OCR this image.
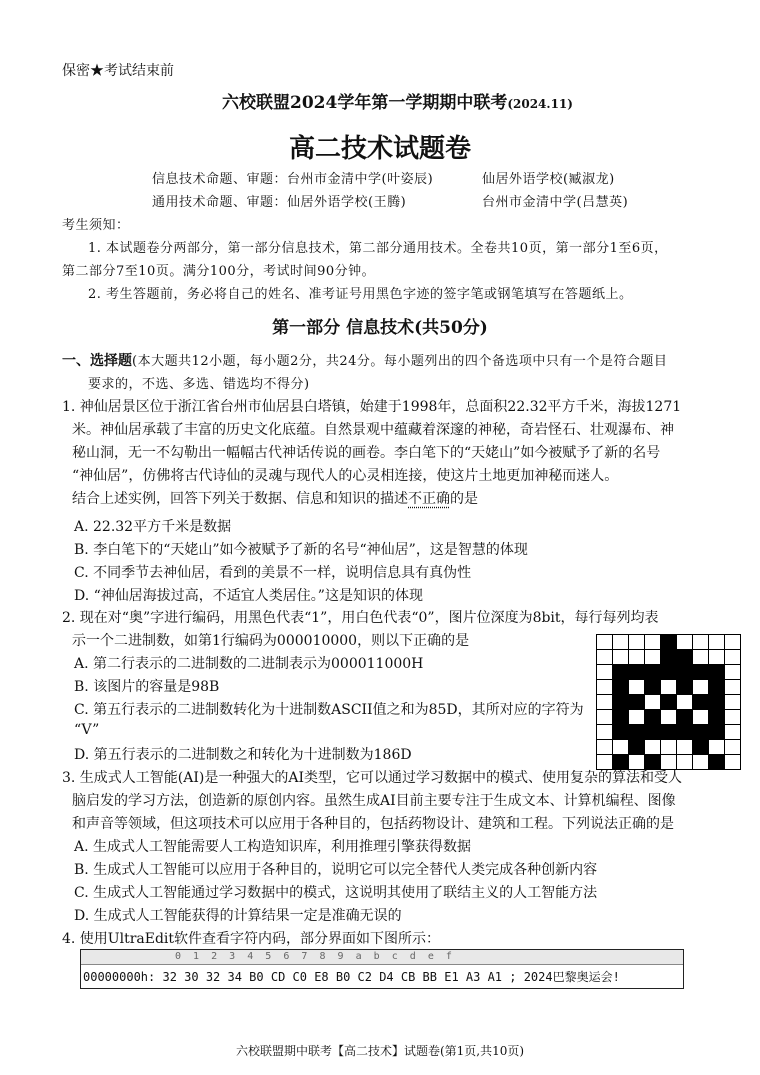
保密★考试结束前
六校联盟2024学年第一学期期中联考(2024.11)
高二技术试题卷
信息技术命题、审题：台州市金清中学(叶姿辰)	仙居外语学校(臧淑龙)
通用技术命题、审题：仙居外语学校(王腾)	台州市金清中学(吕慧英)
考生须知：
1. 本试题卷分两部分，第一部分信息技术，第二部分通用技术。全卷共10页，第一部分1至6页，
第二部分7至10页。满分100分，考试时间90分钟。
2. 考生答题前，务必将自己的姓名、准考证号用黑色字迹的签字笔或钢笔填写在答题纸上。
第一部分 信息技术(共50分)
一、选择题(本大题共12小题，每小题2分，共24分。每小题列出的四个备选项中只有一个是符合题目
要求的，不选、多选、错选均不得分)
1. 神仙居景区位于浙江省台州市仙居县白塔镇，始建于1998年，总面积22.32平方千米，海拔1271
米。神仙居承载了丰富的历史文化底蕴。自然景观中蕴藏着深邃的神秘，奇岩怪石、壮观瀑布、神
秘山洞，无一不勾勒出一幅幅古代神话传说的画卷。李白笔下的“天姥山”如今被赋予了新的名号
“神仙居”，仿佛将古代诗仙的灵魂与现代人的心灵相连接，使这片土地更加神秘而迷人。
结合上述实例，回答下列关于数据、信息和知识的描述不正确的是
A. 22.32平方千米是数据
B. 李白笔下的“天姥山”如今被赋予了新的名号“神仙居”，这是智慧的体现
C. 不同季节去神仙居，看到的美景不一样，说明信息具有真伪性
D. “神仙居海拔过高，不适宜人类居住。”这是知识的体现
2. 现在对“奥”字进行编码，用黑色代表“1”，用白色代表“0”，图片位深度为8bit，每行每列均表
示一个二进制数，如第1行编码为000010000，则以下正确的是
A. 第二行表示的二进制数的二进制表示为000011000H
B. 该图片的容量是98B
C. 第五行表示的二进制数转化为十进制数ASCII值之和为85D，其所对应的字符为
“V”
D. 第五行表示的二进制数之和转化为十进制数为186D
3. 生成式人工智能(AI)是一种强大的AI类型，它可以通过学习数据中的模式、使用复杂的算法和受人
脑启发的学习方法，创造新的原创内容。虽然生成AI目前主要专注于生成文本、计算机编程、图像
和声音等领域，但这项技术可以应用于各种目的，包括药物设计、建筑和工程。下列说法正确的是
A. 生成式人工智能需要人工构造知识库，利用推理引擎获得数据
B. 生成式人工智能可以应用于各种目的，说明它可以完全替代人类完成各种创新内容
C. 生成式人工智能通过学习数据中的模式，这说明其使用了联结主义的人工智能方法
D. 生成式人工智能获得的计算结果一定是准确无误的
4. 使用UltraEdit软件查看字符内码，部分界面如下图所示：
0  1  2  3  4  5  6  7  8  9  a  b  c  d  e  f
00000000h: 32 30 32 34 B0 CD C0 E8 B0 C2 D4 CB BB E1 A3 A1 ; 2024巴黎奥运会!
六校联盟期中联考【高二技术】试题卷(第1页,共10页)
